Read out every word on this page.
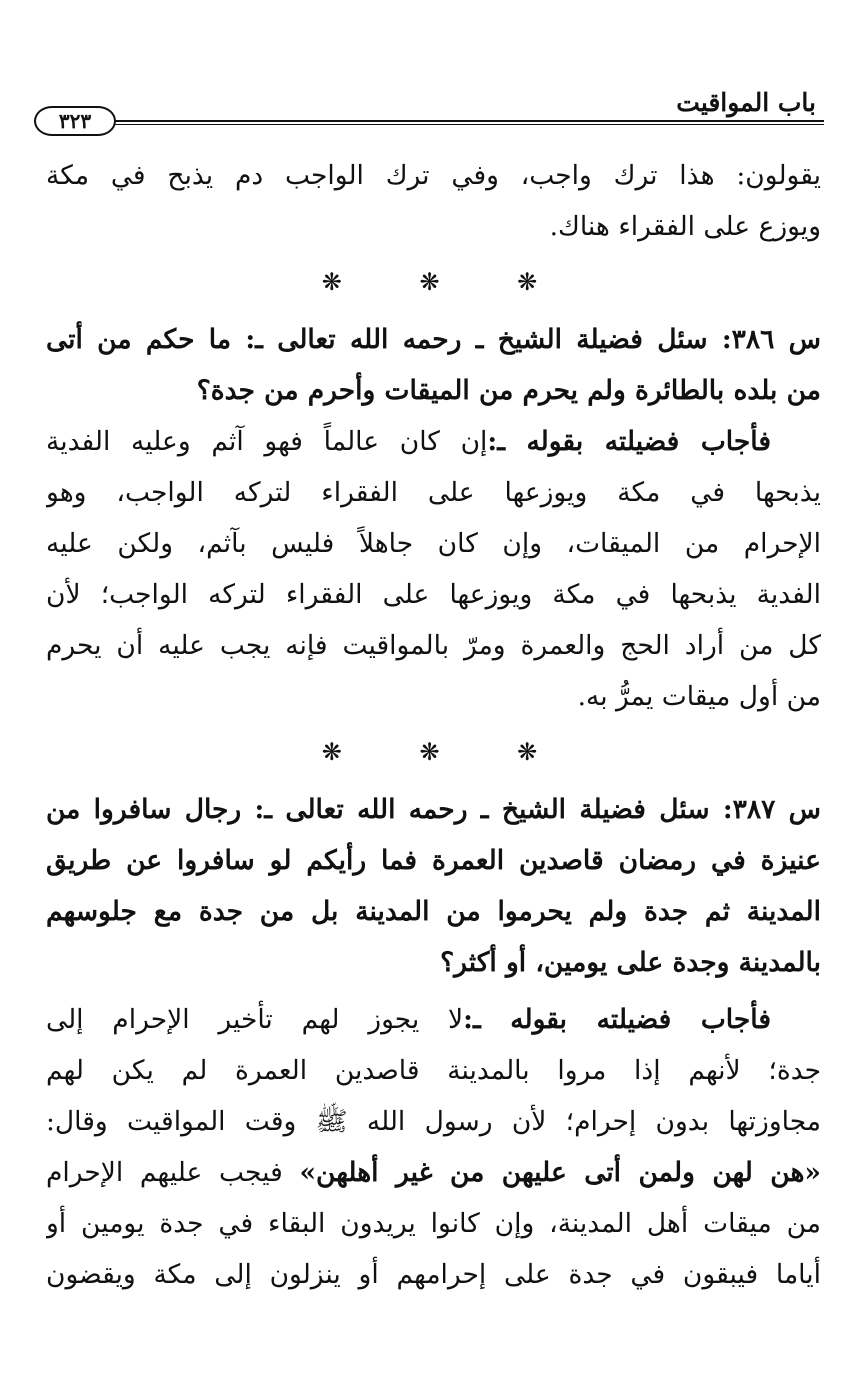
باب المواقيت
٣٢٣
يقولون: هذا ترك واجب، وفي ترك الواجب دم يذبح في مكة
ويوزع على الفقراء هناك.
❋ ❋ ❋
س ٣٨٦: سئل فضيلة الشيخ ـ رحمه الله تعالى ـ: ما حكم من أتى
من بلده بالطائرة ولم يحرم من الميقات وأحرم من جدة؟
فأجاب فضيلته بقوله ـ:إن كان عالماً فهو آثم وعليه الفدية
يذبحها في مكة ويوزعها على الفقراء لتركه الواجب، وهو
الإحرام من الميقات، وإن كان جاهلاً فليس بآثم، ولكن عليه
الفدية يذبحها في مكة ويوزعها على الفقراء لتركه الواجب؛ لأن
كل من أراد الحج والعمرة ومرّ بالمواقيت فإنه يجب عليه أن يحرم
من أول ميقات يمرُّ به.
❋ ❋ ❋
س ٣٨٧: سئل فضيلة الشيخ ـ رحمه الله تعالى ـ: رجال سافروا من
عنيزة في رمضان قاصدين العمرة فما رأيكم لو سافروا عن طريق
المدينة ثم جدة ولم يحرموا من المدينة بل من جدة مع جلوسهم
بالمدينة وجدة على يومين، أو أكثر؟
فأجاب فضيلته بقوله ـ:لا يجوز لهم تأخير الإحرام إلى
جدة؛ لأنهم إذا مروا بالمدينة قاصدين العمرة لم يكن لهم
مجاوزتها بدون إحرام؛ لأن رسول الله ﷺ وقت المواقيت وقال:
«هن لهن ولمن أتى عليهن من غير أهلهن» فيجب عليهم الإحرام
من ميقات أهل المدينة، وإن كانوا يريدون البقاء في جدة يومين أو
أياما فيبقون في جدة على إحرامهم أو ينزلون إلى مكة ويقضون
